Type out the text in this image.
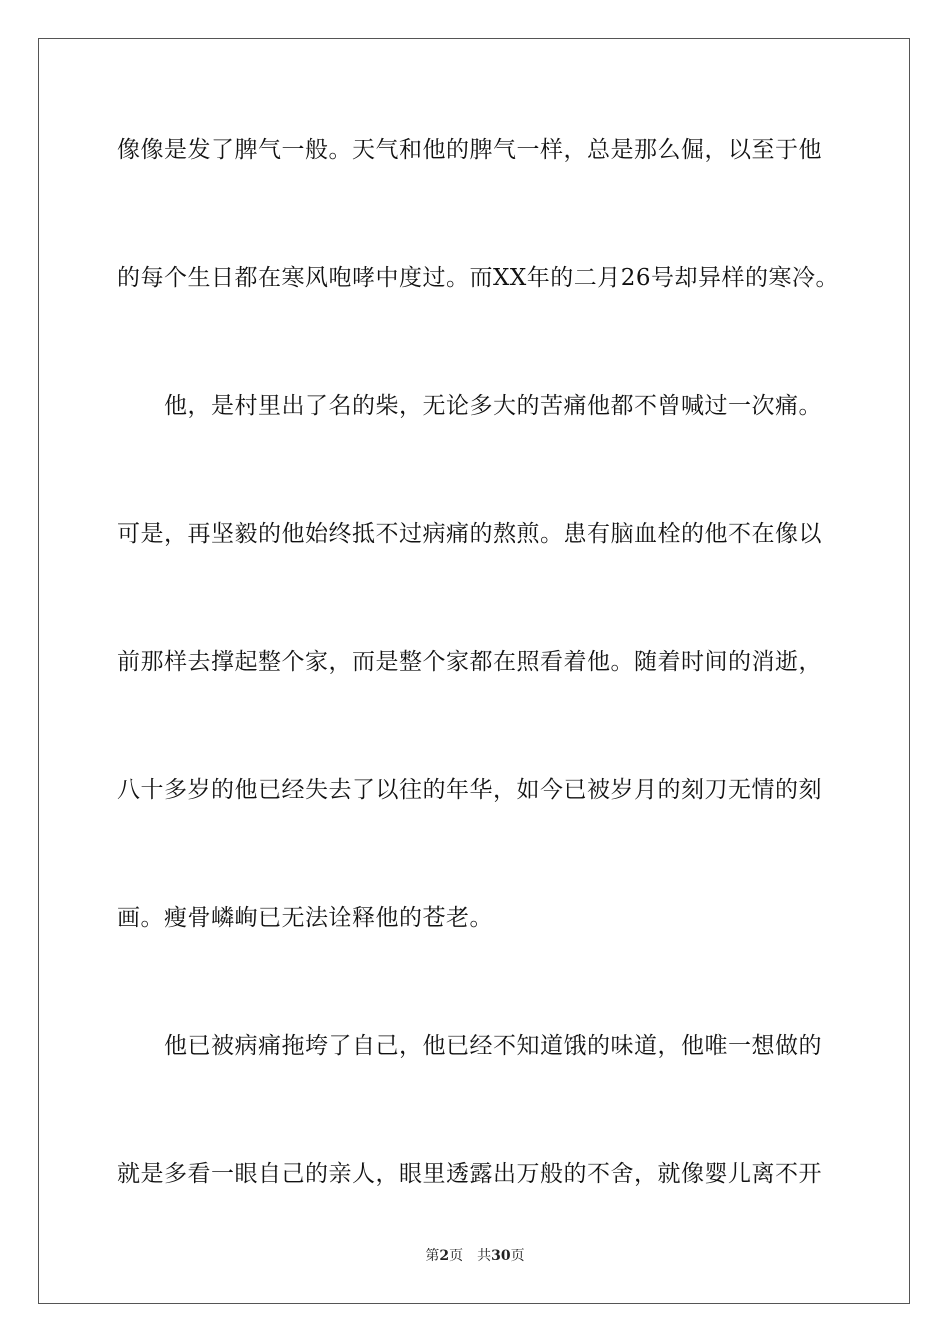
像像是发了脾气一般。天气和他的脾气一样，总是那么倔，以至于他
的每个生日都在寒风咆哮中度过。而XX年的二月26号却异样的寒冷。
他，是村里出了名的柴，无论多大的苦痛他都不曾喊过一次痛。
可是，再坚毅的他始终抵不过病痛的熬煎。患有脑血栓的他不在像以
前那样去撑起整个家，而是整个家都在照看着他。随着时间的消逝，
八十多岁的他已经失去了以往的年华，如今已被岁月的刻刀无情的刻
画。瘦骨嶙峋已无法诠释他的苍老。
他已被病痛拖垮了自己，他已经不知道饿的味道，他唯一想做的
就是多看一眼自己的亲人，眼里透露出万般的不舍，就像婴儿离不开
第2页 共30页
